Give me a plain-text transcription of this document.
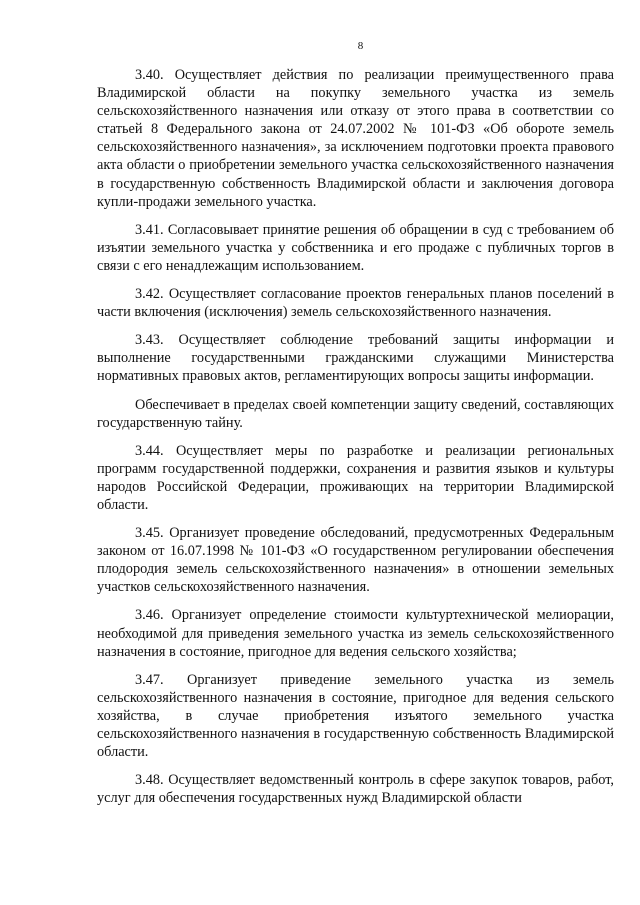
8

3.40. Осуществляет действия по реализации преимущественного права Владимирской области на покупку земельного участка из земель сельскохозяйственного назначения или отказу от этого права в соответствии со статьей 8 Федерального закона от 24.07.2002 № 101-ФЗ «Об обороте земель сельскохозяйственного назначения», за исключением подготовки проекта правового акта области о приобретении земельного участка сельскохозяйственного назначения в государственную собственность Владимирской области и заключения договора купли-продажи земельного участка.

3.41. Согласовывает принятие решения об обращении в суд с требованием об изъятии земельного участка у собственника и его продаже с публичных торгов в связи с его ненадлежащим использованием.

3.42. Осуществляет согласование проектов генеральных планов поселений в части включения (исключения) земель сельскохозяйственного назначения.

3.43. Осуществляет соблюдение требований защиты информации и выполнение государственными гражданскими служащими Министерства нормативных правовых актов, регламентирующих вопросы защиты информации.

Обеспечивает в пределах своей компетенции защиту сведений, составляющих государственную тайну.

3.44. Осуществляет меры по разработке и реализации региональных программ государственной поддержки, сохранения и развития языков и культуры народов Российской Федерации, проживающих на территории Владимирской области.

3.45. Организует проведение обследований, предусмотренных Федеральным законом от 16.07.1998 № 101-ФЗ «О государственном регулировании обеспечения плодородия земель сельскохозяйственного назначения» в отношении земельных участков сельскохозяйственного назначения.

3.46. Организует определение стоимости культуртехнической мелиорации, необходимой для приведения земельного участка из земель сельскохозяйственного назначения в состояние, пригодное для ведения сельского хозяйства;

3.47. Организует приведение земельного участка из земель сельскохозяйственного назначения в состояние, пригодное для ведения сельского хозяйства, в случае приобретения изъятого земельного участка сельскохозяйственного назначения в государственную собственность Владимирской области.

3.48. Осуществляет ведомственный контроль в сфере закупок товаров, работ, услуг для обеспечения государственных нужд Владимирской области
